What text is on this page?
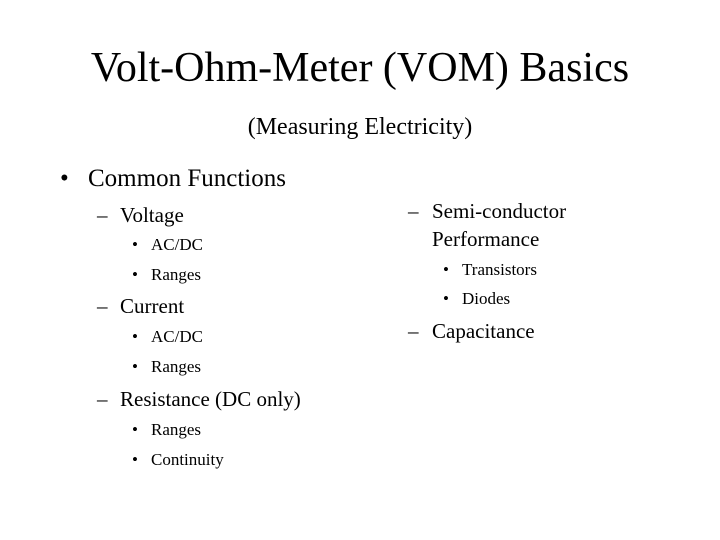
Volt-Ohm-Meter (VOM) Basics
(Measuring Electricity)
• Common Functions
– Voltage
• AC/DC
• Ranges
– Current
• AC/DC
• Ranges
– Resistance (DC only)
• Ranges
• Continuity
– Semi-conductor
Performance
• Transistors
• Diodes
– Capacitance
